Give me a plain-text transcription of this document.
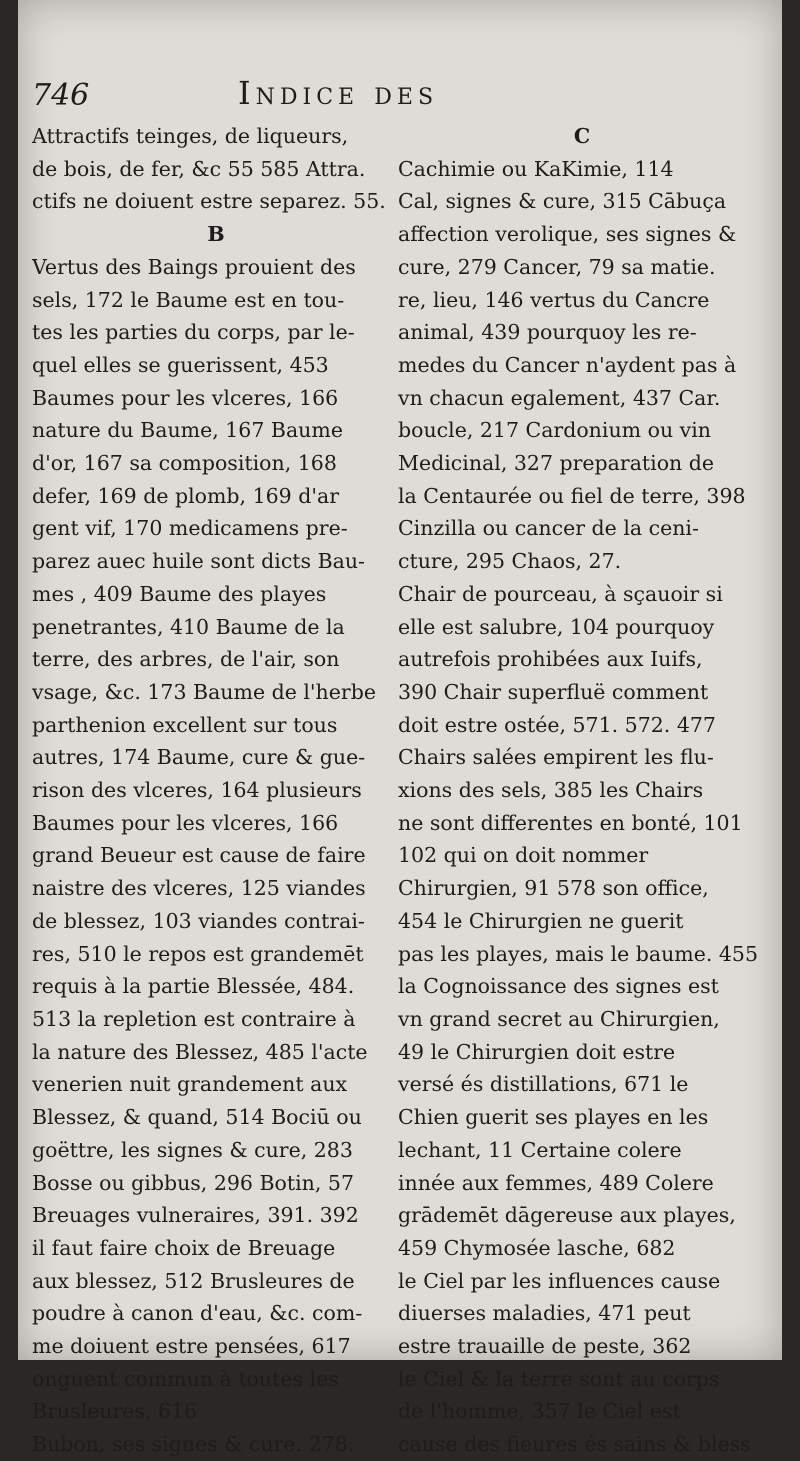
746	Indice des
Attractifs teinges, de liqueurs,
de bois, de fer, &c 55 585 Attra.
ctifs ne doiuent estre separez. 55.
B
Vertus des Baings prouient des
sels, 172 le Baume est en tou-
tes les parties du corps, par le-
quel elles se guerissent, 453
Baumes pour les vlceres, 166
nature du Baume, 167 Baume
d'or, 167 sa composition, 168
defer, 169 de plomb, 169 d'ar
gent vif, 170 medicamens pre-
parez auec huile sont dicts Bau-
mes , 409 Baume des playes
penetrantes, 410 Baume de la
terre, des arbres, de l'air, son
vsage, &c. 173 Baume de l'herbe
parthenion excellent sur tous
autres, 174 Baume, cure & gue-
rison des vlceres, 164 plusieurs
Baumes pour les vlceres, 166
grand Beueur est cause de faire
naistre des vlceres, 125 viandes
de blessez, 103 viandes contrai-
res, 510 le repos est grandemēt
requis à la partie Blessée, 484.
513 la repletion est contraire à
la nature des Blessez, 485 l'acte
venerien nuit grandement aux
Blessez, & quand, 514 Bociū ou
goëttre, les signes & cure, 283
Bosse ou gibbus, 296 Botin, 57
Breuages vulneraires, 391. 392
il faut faire choix de Breuage
aux blessez, 512 Brusleures de
poudre à canon d'eau, &c. com-
me doiuent estre pensées, 617
onguent commun à toutes les
Brusleures, 616
Bubon, ses signes & cure. 278.
C
Cachimie ou KaKimie, 114
Cal, signes & cure, 315 Cābuça
affection verolique, ses signes &
cure, 279 Cancer, 79 sa matie.
re, lieu, 146 vertus du Cancre
animal, 439 pourquoy les re-
medes du Cancer n'aydent pas à
vn chacun egalement, 437 Car.
boucle, 217 Cardonium ou vin
Medicinal, 327 preparation de
la Centaurée ou fiel de terre, 398
Cinzilla ou cancer de la ceni-
cture, 295 Chaos, 27.
Chair de pourceau, à sçauoir si
elle est salubre, 104 pourquoy
autrefois prohibées aux Iuifs,
390 Chair superfluë comment
doit estre ostée, 571. 572. 477
Chairs salées empirent les flu-
xions des sels, 385 les Chairs
ne sont differentes en bonté, 101
102 qui on doit nommer
Chirurgien, 91 578 son office,
454 le Chirurgien ne guerit
pas les playes, mais le baume. 455
la Cognoissance des signes est
vn grand secret au Chirurgien,
49 le Chirurgien doit estre
versé és distillations, 671 le
Chien guerit ses playes en les
lechant, 11 Certaine colere
innée aux femmes, 489 Colere
grādemēt dāgereuse aux playes,
459 Chymosée lasche, 682
le Ciel par les influences cause
diuerses maladies, 471 peut
estre trauaille de peste, 362
le Ciel & la terre sont au corps
de l'homme, 357 le Ciel est
cause des fieures és sains & bless
